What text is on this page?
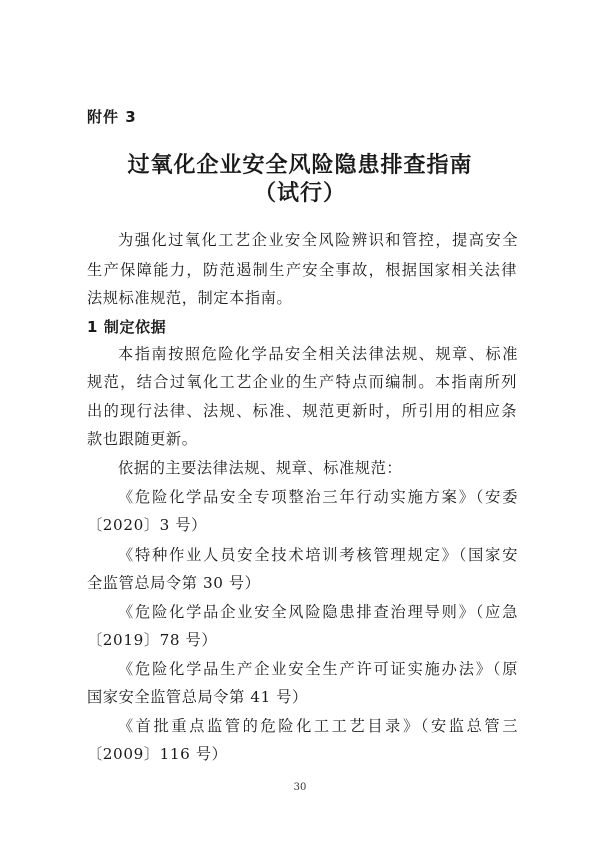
附件 3
过氧化企业安全风险隐患排查指南
（试行）
为强化过氧化工艺企业安全风险辨识和管控，提高安全
生产保障能力，防范遏制生产安全事故，根据国家相关法律
法规标准规范，制定本指南。
1 制定依据
本指南按照危险化学品安全相关法律法规、规章、标准
规范，结合过氧化工艺企业的生产特点而编制。本指南所列
出的现行法律、法规、标准、规范更新时，所引用的相应条
款也跟随更新。
依据的主要法律法规、规章、标准规范：
《危险化学品安全专项整治三年行动实施方案》（安委
〔2020〕3 号）
《特种作业人员安全技术培训考核管理规定》（国家安
全监管总局令第 30 号）
《危险化学品企业安全风险隐患排查治理导则》（应急
〔2019〕78 号）
《危险化学品生产企业安全生产许可证实施办法》（原
国家安全监管总局令第 41 号）
《首批重点监管的危险化工工艺目录》（安监总管三
〔2009〕116 号）
30
